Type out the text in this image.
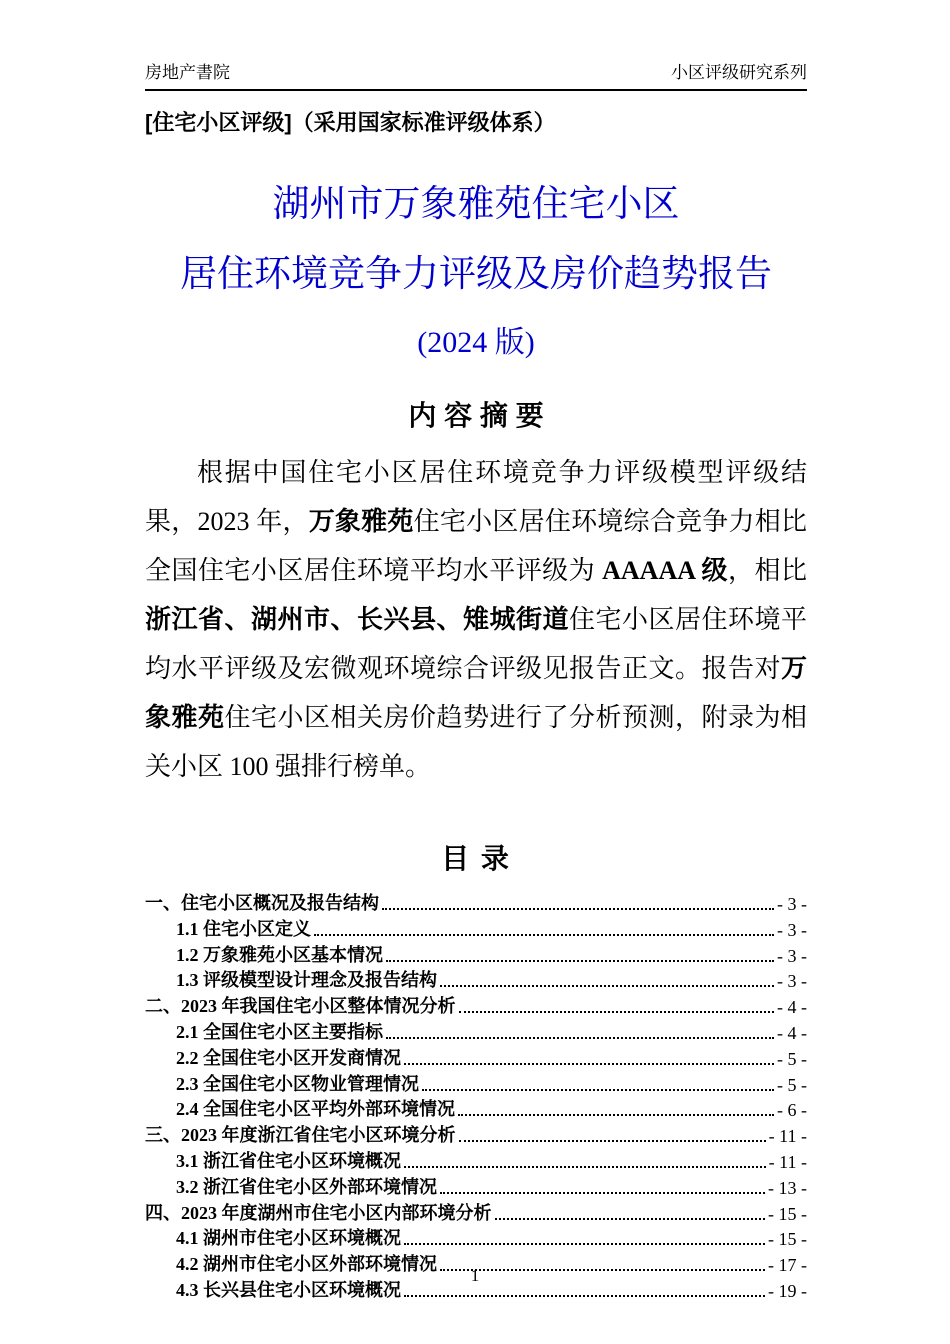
房地产書院	小区评级研究系列
[住宅小区评级]（采用国家标准评级体系）
湖州市万象雅苑住宅小区
居住环境竞争力评级及房价趋势报告
(2024 版)
内 容 摘 要

根据中国住宅小区居住环境竞争力评级模型评级结果，2023 年，万象雅苑住宅小区居住环境综合竞争力相比全国住宅小区居住环境平均水平评级为 AAAAA 级，相比浙江省、湖州市、长兴县、雉城街道住宅小区居住环境平均水平评级及宏微观环境综合评级见报告正文。报告对万象雅苑住宅小区相关房价趋势进行了分析预测，附录为相关小区 100 强排行榜单。

目 录
一、住宅小区概况及报告结构	- 3 -
1.1 住宅小区定义	- 3 -
1.2 万象雅苑小区基本情况	- 3 -
1.3 评级模型设计理念及报告结构	- 3 -
二、2023 年我国住宅小区整体情况分析	- 4 -
2.1 全国住宅小区主要指标	- 4 -
2.2 全国住宅小区开发商情况	- 5 -
2.3 全国住宅小区物业管理情况	- 5 -
2.4 全国住宅小区平均外部环境情况	- 6 -
三、2023 年度浙江省住宅小区环境分析	- 11 -
3.1 浙江省住宅小区环境概况	- 11 -
3.2 浙江省住宅小区外部环境情况	- 13 -
四、2023 年度湖州市住宅小区内部环境分析	- 15 -
4.1 湖州市住宅小区环境概况	- 15 -
4.2 湖州市住宅小区外部环境情况	- 17 -
4.3 长兴县住宅小区环境概况	- 19 -
1
